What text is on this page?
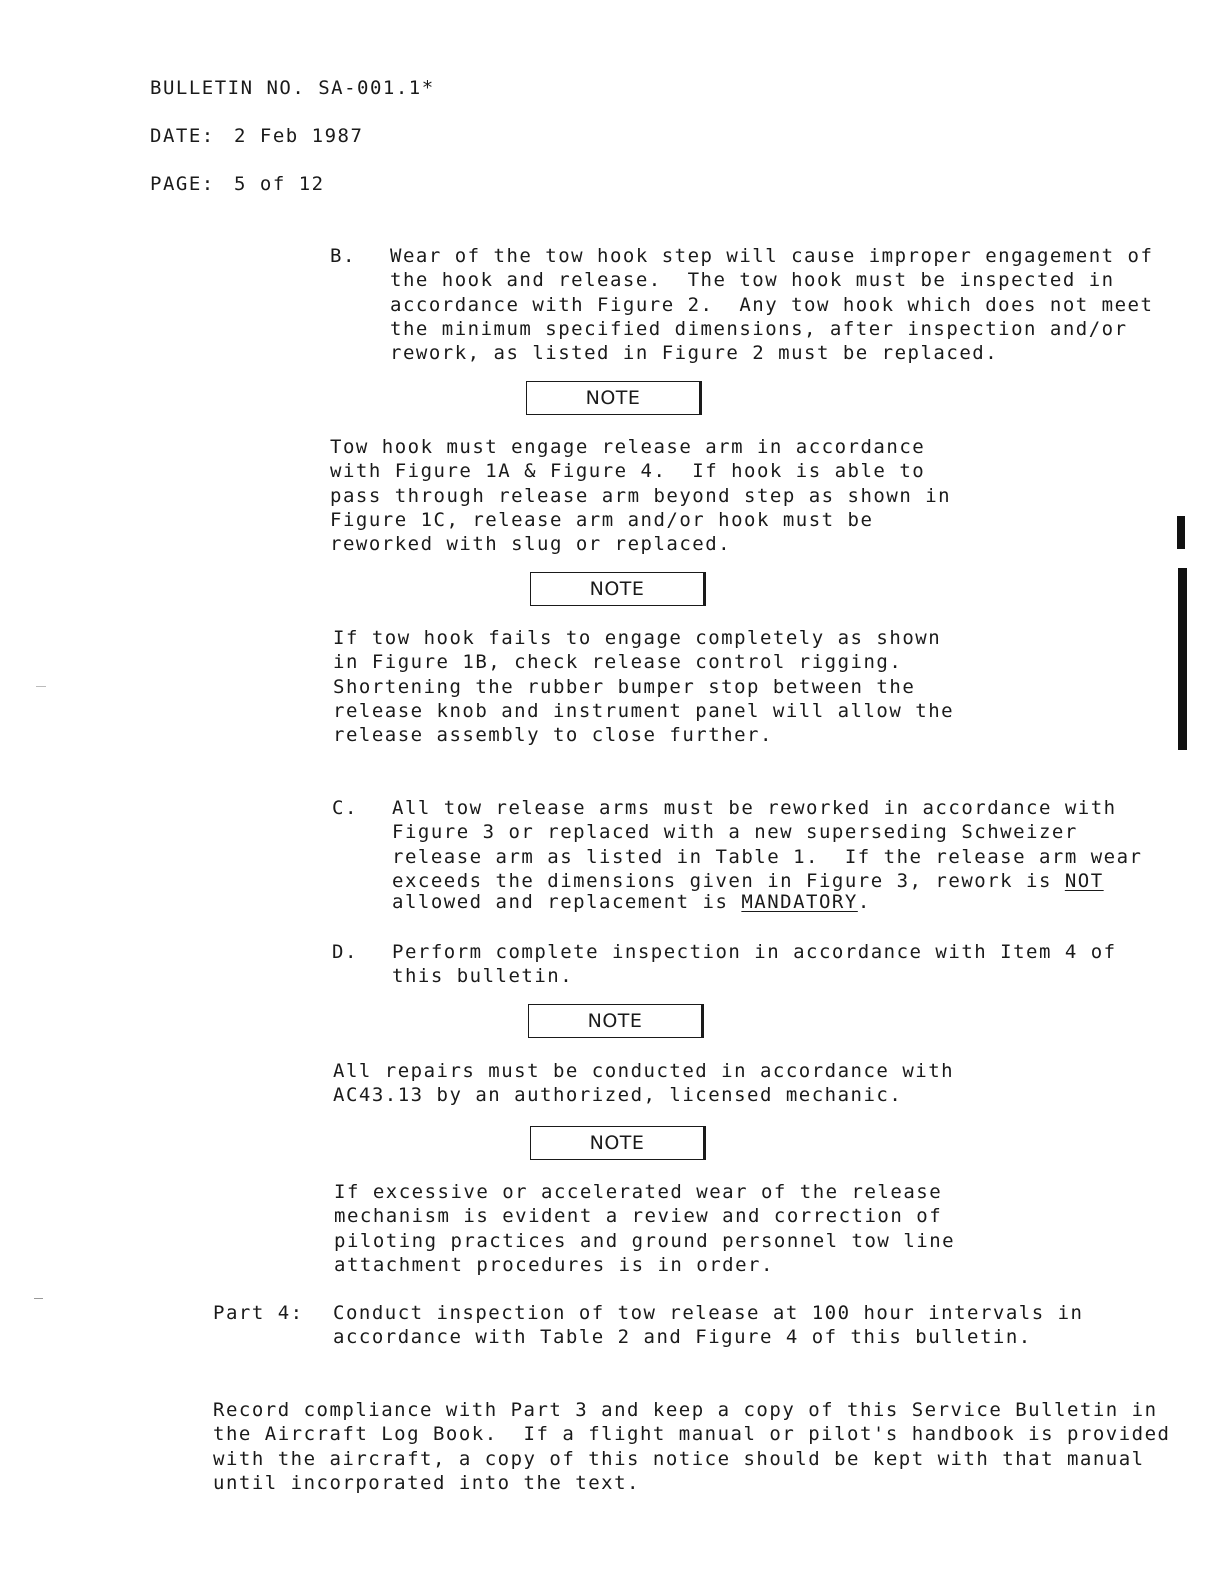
BULLETIN NO. SA-001.1*
DATE: 2 Feb 1987
PAGE: 5 of 12
B. Wear of the tow hook step will cause improper engagement of
the hook and release.  The tow hook must be inspected in
accordance with Figure 2.  Any tow hook which does not meet
the minimum specified dimensions, after inspection and/or
rework, as listed in Figure 2 must be replaced.
NOTE
Tow hook must engage release arm in accordance
with Figure 1A & Figure 4.  If hook is able to
pass through release arm beyond step as shown in
Figure 1C, release arm and/or hook must be
reworked with slug or replaced.
NOTE
If tow hook fails to engage completely as shown
in Figure 1B, check release control rigging.
Shortening the rubber bumper stop between the
release knob and instrument panel will allow the
release assembly to close further.
C. All tow release arms must be reworked in accordance with
Figure 3 or replaced with a new superseding Schweizer
release arm as listed in Table 1.  If the release arm wear
exceeds the dimensions given in Figure 3, rework is NOT
allowed and replacement is MANDATORY.
D. Perform complete inspection in accordance with Item 4 of
this bulletin.
NOTE
All repairs must be conducted in accordance with
AC43.13 by an authorized, licensed mechanic.
NOTE
If excessive or accelerated wear of the release
mechanism is evident a review and correction of
piloting practices and ground personnel tow line
attachment procedures is in order.
Part 4: Conduct inspection of tow release at 100 hour intervals in
accordance with Table 2 and Figure 4 of this bulletin.
Record compliance with Part 3 and keep a copy of this Service Bulletin in
the Aircraft Log Book.  If a flight manual or pilot's handbook is provided
with the aircraft, a copy of this notice should be kept with that manual
until incorporated into the text.
